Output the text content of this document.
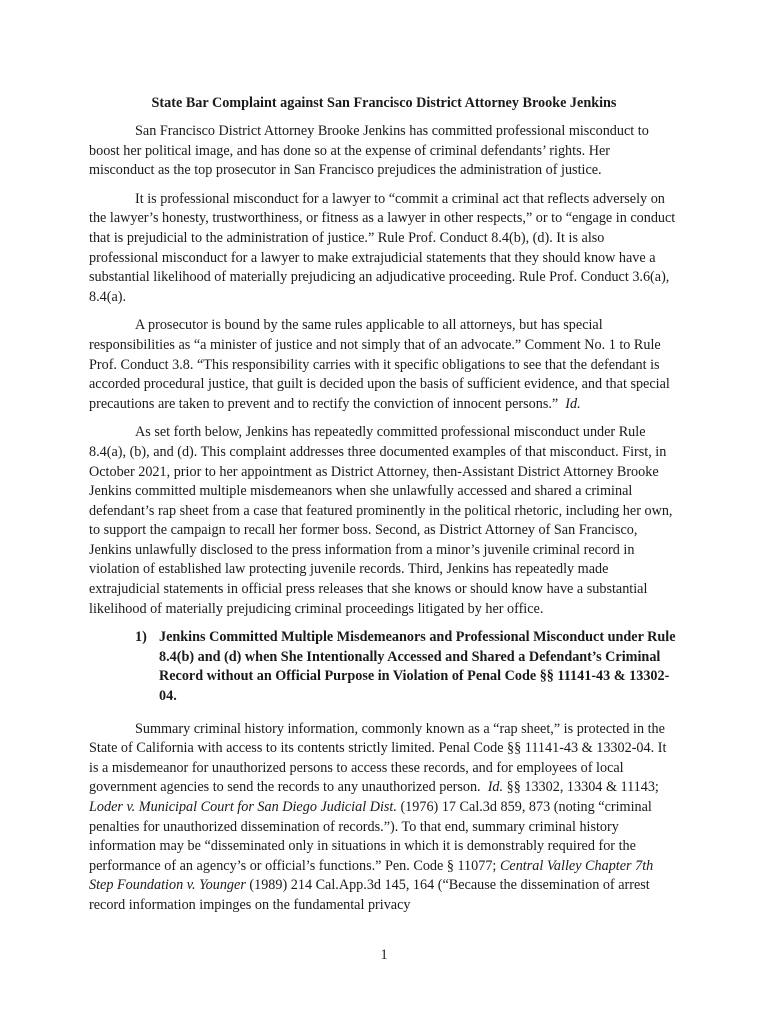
State Bar Complaint against San Francisco District Attorney Brooke Jenkins

San Francisco District Attorney Brooke Jenkins has committed professional misconduct to boost her political image, and has done so at the expense of criminal defendants’ rights. Her misconduct as the top prosecutor in San Francisco prejudices the administration of justice.

It is professional misconduct for a lawyer to “commit a criminal act that reflects adversely on the lawyer’s honesty, trustworthiness, or fitness as a lawyer in other respects,” or to “engage in conduct that is prejudicial to the administration of justice.” Rule Prof. Conduct 8.4(b), (d). It is also professional misconduct for a lawyer to make extrajudicial statements that they should know have a substantial likelihood of materially prejudicing an adjudicative proceeding. Rule Prof. Conduct 3.6(a), 8.4(a).

A prosecutor is bound by the same rules applicable to all attorneys, but has special responsibilities as “a minister of justice and not simply that of an advocate.” Comment No. 1 to Rule Prof. Conduct 3.8. “This responsibility carries with it specific obligations to see that the defendant is accorded procedural justice, that guilt is decided upon the basis of sufficient evidence, and that special precautions are taken to prevent and to rectify the conviction of innocent persons.” Id.

As set forth below, Jenkins has repeatedly committed professional misconduct under Rule 8.4(a), (b), and (d). This complaint addresses three documented examples of that misconduct. First, in October 2021, prior to her appointment as District Attorney, then-Assistant District Attorney Brooke Jenkins committed multiple misdemeanors when she unlawfully accessed and shared a criminal defendant’s rap sheet from a case that featured prominently in the political rhetoric, including her own, to support the campaign to recall her former boss. Second, as District Attorney of San Francisco, Jenkins unlawfully disclosed to the press information from a minor’s juvenile criminal record in violation of established law protecting juvenile records. Third, Jenkins has repeatedly made extrajudicial statements in official press releases that she knows or should know have a substantial likelihood of materially prejudicing criminal proceedings litigated by her office.

1) Jenkins Committed Multiple Misdemeanors and Professional Misconduct under Rule 8.4(b) and (d) when She Intentionally Accessed and Shared a Defendant’s Criminal Record without an Official Purpose in Violation of Penal Code §§ 11141-43 & 13302-04.

Summary criminal history information, commonly known as a “rap sheet,” is protected in the State of California with access to its contents strictly limited. Penal Code §§ 11141-43 & 13302-04. It is a misdemeanor for unauthorized persons to access these records, and for employees of local government agencies to send the records to any unauthorized person. Id. §§ 13302, 13304 & 11143; Loder v. Municipal Court for San Diego Judicial Dist. (1976) 17 Cal.3d 859, 873 (noting “criminal penalties for unauthorized dissemination of records.”). To that end, summary criminal history information may be “disseminated only in situations in which it is demonstrably required for the performance of an agency’s or official’s functions.” Pen. Code § 11077; Central Valley Chapter 7th Step Foundation v. Younger (1989) 214 Cal.App.3d 145, 164 (“Because the dissemination of arrest record information impinges on the fundamental privacy

1
